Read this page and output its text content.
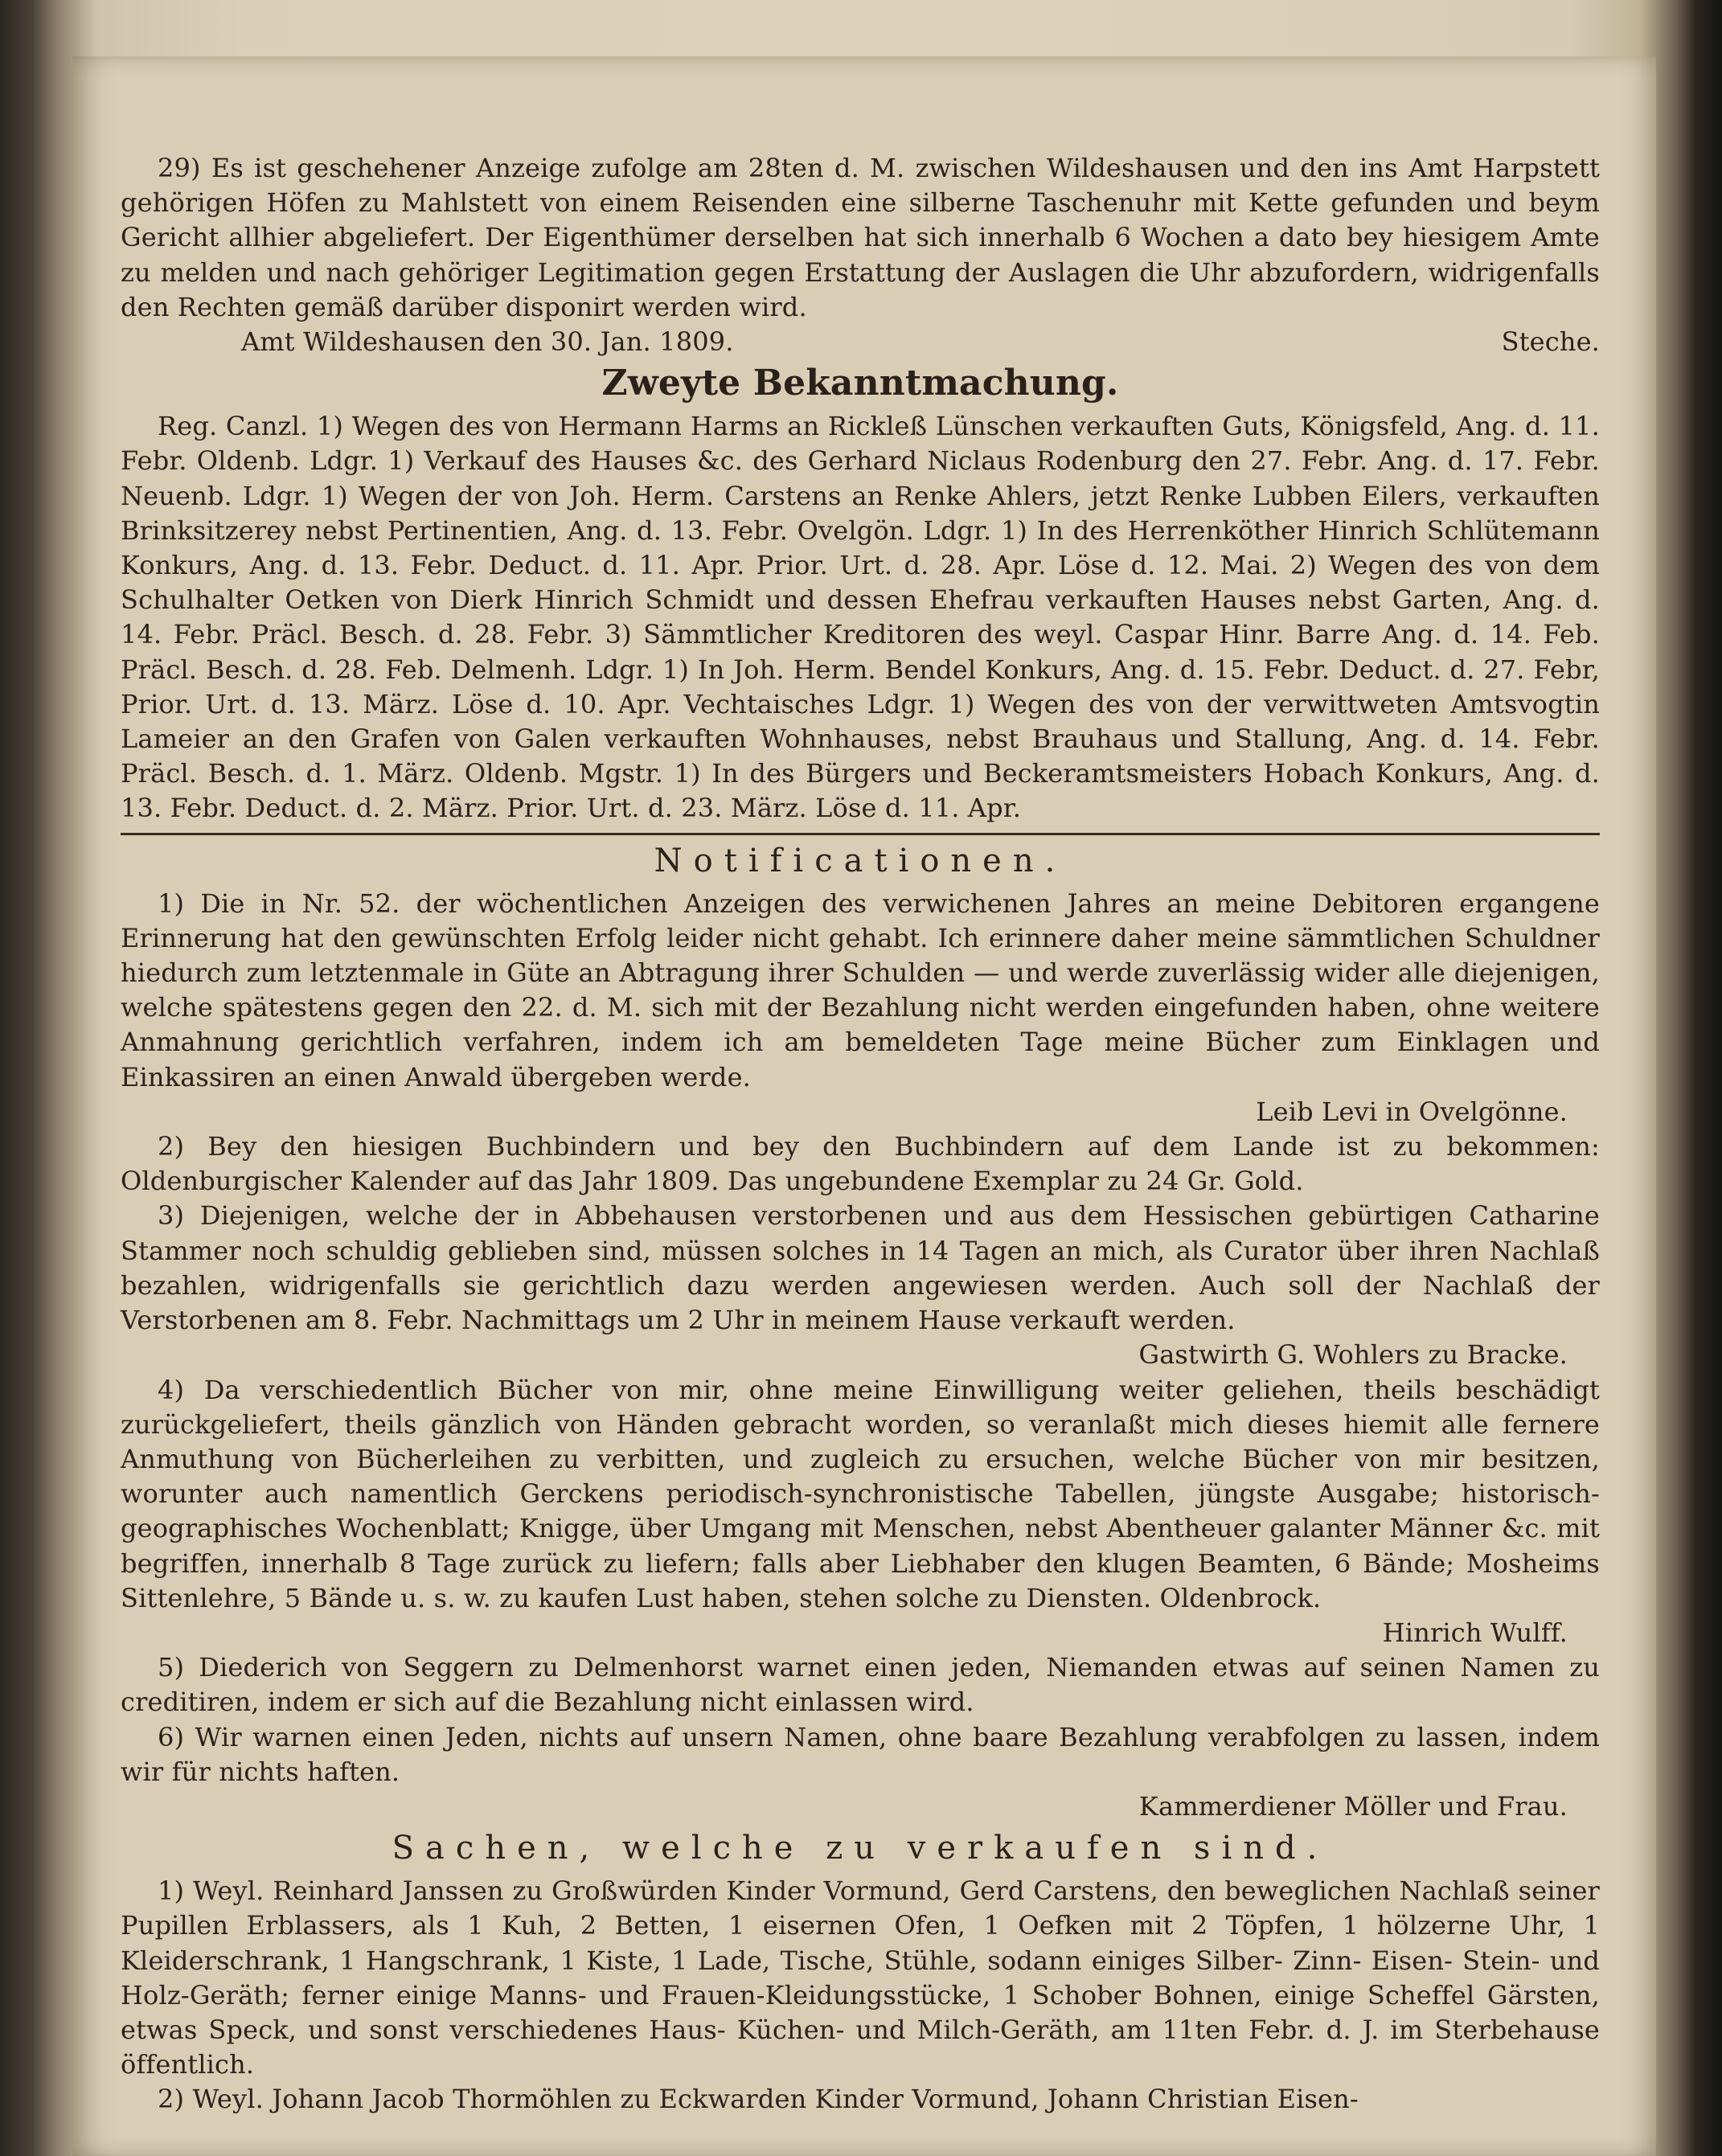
29) Es ist geschehener Anzeige zufolge am 28ten d. M. zwischen Wildeshausen und den ins Amt Harpstett gehörigen Höfen zu Mahlstett von einem Reisenden eine silberne Taschenuhr mit Kette gefunden und beym Gericht allhier abgeliefert. Der Eigenthümer derselben hat sich innerhalb 6 Wochen a dato bey hiesigem Amte zu melden und nach gehöriger Legitimation gegen Erstattung der Auslagen die Uhr abzufordern, widrigenfalls den Rechten gemäß darüber disponirt werden wird.

Amt Wildeshausen den 30. Jan. 1809.	Steche.
Zweyte Bekanntmachung.

Reg. Canzl. 1) Wegen des von Hermann Harms an Rickleß Lünschen verkauften Guts, Königsfeld, Ang. d. 11. Febr. Oldenb. Ldgr. 1) Verkauf des Hauses &c. des Gerhard Niclaus Rodenburg den 27. Febr. Ang. d. 17. Febr. Neuenb. Ldgr. 1) Wegen der von Joh. Herm. Carstens an Renke Ahlers, jetzt Renke Lubben Eilers, verkauften Brinksitzerey nebst Pertinentien, Ang. d. 13. Febr. Ovelgön. Ldgr. 1) In des Herrenköther Hinrich Schlütemann Konkurs, Ang. d. 13. Febr. Deduct. d. 11. Apr. Prior. Urt. d. 28. Apr. Löse d. 12. Mai. 2) Wegen des von dem Schulhalter Oetken von Dierk Hinrich Schmidt und dessen Ehefrau verkauften Hauses nebst Garten, Ang. d. 14. Febr. Präcl. Besch. d. 28. Febr. 3) Sämmtlicher Kreditoren des weyl. Caspar Hinr. Barre Ang. d. 14. Feb. Präcl. Besch. d. 28. Feb. Delmenh. Ldgr. 1) In Joh. Herm. Bendel Konkurs, Ang. d. 15. Febr. Deduct. d. 27. Febr, Prior. Urt. d. 13. März. Löse d. 10. Apr. Vechtaisches Ldgr. 1) Wegen des von der verwittweten Amtsvogtin Lameier an den Grafen von Galen verkauften Wohnhauses, nebst Brauhaus und Stallung, Ang. d. 14. Febr. Präcl. Besch. d. 1. März. Oldenb. Mgstr. 1) In des Bürgers und Beckeramtsmeisters Hobach Konkurs, Ang. d. 13. Febr. Deduct. d. 2. März. Prior. Urt. d. 23. März. Löse d. 11. Apr.

Notificationen.

1) Die in Nr. 52. der wöchentlichen Anzeigen des verwichenen Jahres an meine Debitoren ergangene Erinnerung hat den gewünschten Erfolg leider nicht gehabt. Ich erinnere daher meine sämmtlichen Schuldner hiedurch zum letztenmale in Güte an Abtragung ihrer Schulden — und werde zuverlässig wider alle diejenigen, welche spätestens gegen den 22. d. M. sich mit der Bezahlung nicht werden eingefunden haben, ohne weitere Anmahnung gerichtlich verfahren, indem ich am bemeldeten Tage meine Bücher zum Einklagen und Einkassiren an einen Anwald übergeben werde.

Leib Levi in Ovelgönne.

2) Bey den hiesigen Buchbindern und bey den Buchbindern auf dem Lande ist zu bekommen: Oldenburgischer Kalender auf das Jahr 1809. Das ungebundene Exemplar zu 24 Gr. Gold.

3) Diejenigen, welche der in Abbehausen verstorbenen und aus dem Hessischen gebürtigen Catharine Stammer noch schuldig geblieben sind, müssen solches in 14 Tagen an mich, als Curator über ihren Nachlaß bezahlen, widrigenfalls sie gerichtlich dazu werden angewiesen werden. Auch soll der Nachlaß der Verstorbenen am 8. Febr. Nachmittags um 2 Uhr in meinem Hause verkauft werden.

Gastwirth G. Wohlers zu Bracke.

4) Da verschiedentlich Bücher von mir, ohne meine Einwilligung weiter geliehen, theils beschädigt zurückgeliefert, theils gänzlich von Händen gebracht worden, so veranlaßt mich dieses hiemit alle fernere Anmuthung von Bücherleihen zu verbitten, und zugleich zu ersuchen, welche Bücher von mir besitzen, worunter auch namentlich Gerckens periodisch-synchronistische Tabellen, jüngste Ausgabe; historisch-geographisches Wochenblatt; Knigge, über Umgang mit Menschen, nebst Abentheuer galanter Männer &c. mit begriffen, innerhalb 8 Tage zurück zu liefern; falls aber Liebhaber den klugen Beamten, 6 Bände; Mosheims Sittenlehre, 5 Bände u. s. w. zu kaufen Lust haben, stehen solche zu Diensten. Oldenbrock.

Hinrich Wulff.

5) Diederich von Seggern zu Delmenhorst warnet einen jeden, Niemanden etwas auf seinen Namen zu creditiren, indem er sich auf die Bezahlung nicht einlassen wird.

6) Wir warnen einen Jeden, nichts auf unsern Namen, ohne baare Bezahlung verabfolgen zu lassen, indem wir für nichts haften.

Kammerdiener Möller und Frau.

Sachen, welche zu verkaufen sind.

1) Weyl. Reinhard Janssen zu Großwürden Kinder Vormund, Gerd Carstens, den beweglichen Nachlaß seiner Pupillen Erblassers, als 1 Kuh, 2 Betten, 1 eisernen Ofen, 1 Oefken mit 2 Töpfen, 1 hölzerne Uhr, 1 Kleiderschrank, 1 Hangschrank, 1 Kiste, 1 Lade, Tische, Stühle, sodann einiges Silber- Zinn- Eisen- Stein- und Holz-Geräth; ferner einige Manns- und Frauen-Kleidungsstücke, 1 Schober Bohnen, einige Scheffel Gärsten, etwas Speck, und sonst verschiedenes Haus- Küchen- und Milch-Geräth, am 11ten Febr. d. J. im Sterbehause öffentlich.

2) Weyl. Johann Jacob Thormöhlen zu Eckwarden Kinder Vormund, Johann Christian Eisen-
